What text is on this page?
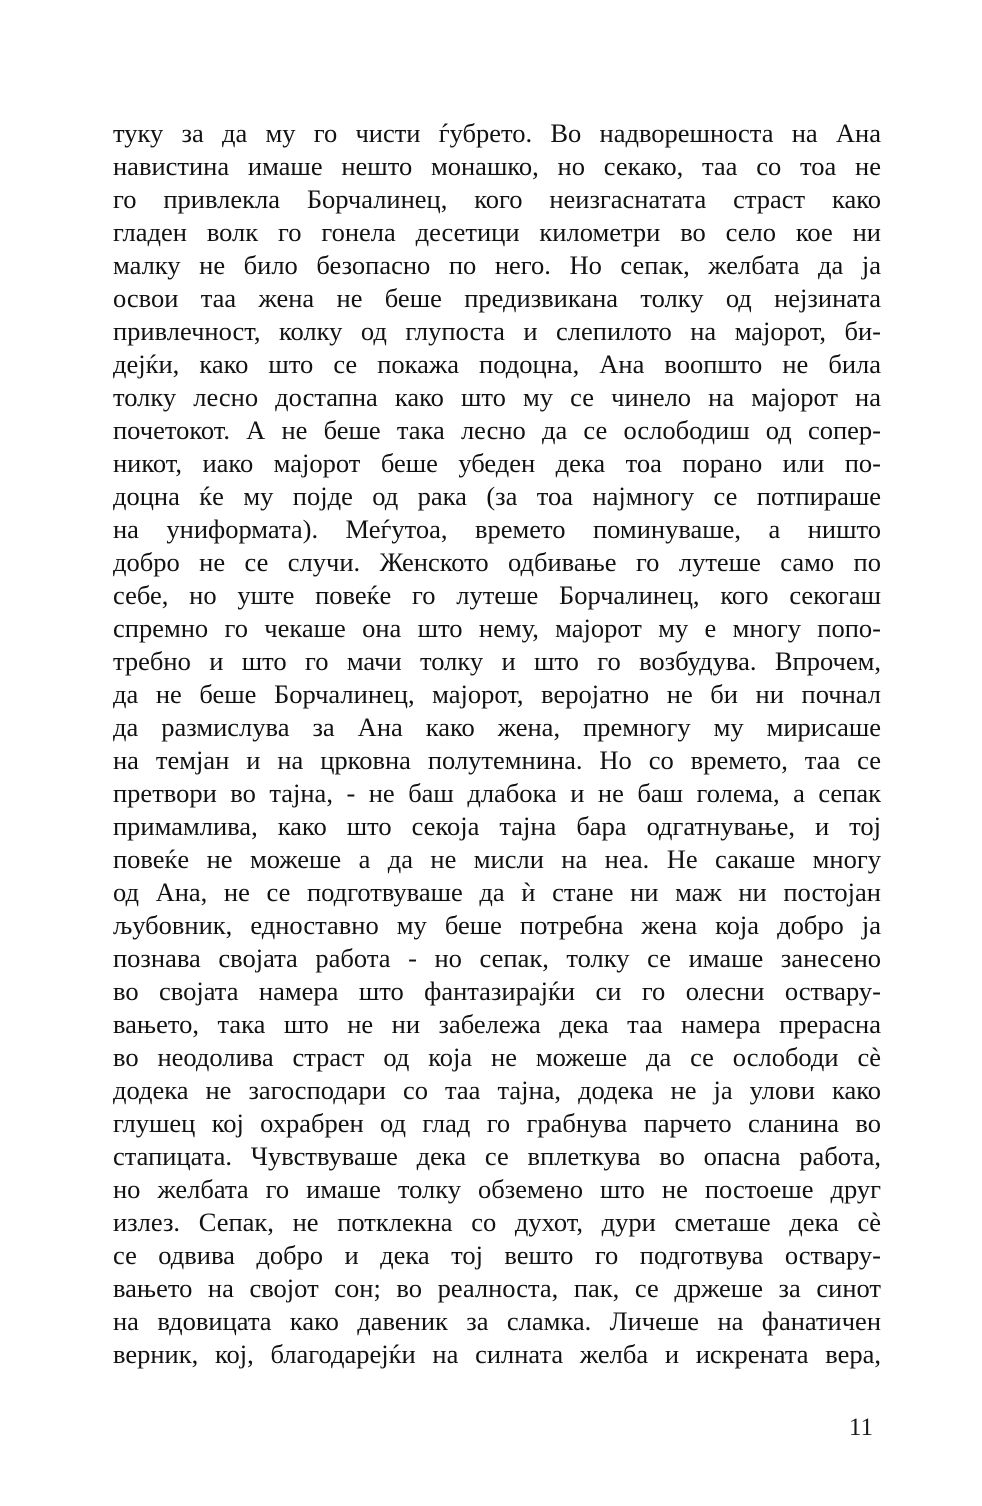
туку за да му го чисти ѓубрето. Во надворешноста на Ана
навистина имаше нешто монашко, но секако, таа со тоа не
го привлекла Борчалинец, кого неизгаснатата страст како
гладен волк го гонела десетици километри во село кое ни
малку не било безопасно по него. Но сепак, желбата да ја
освои таа жена не беше предизвикана толку од нејзината
привлечност, колку од глупоста и слепилото на мајорот, би-
дејќи, како што се покажа подоцна, Ана воопшто не била
толку лесно достапна како што му се чинело на мајорот на
почетокот. А не беше така лесно да се ослободиш од сопер-
никот, иако мајорот беше убеден дека тоа порано или по-
доцна ќе му појде од рака (за тоа најмногу се потпираше
на униформата). Меѓутоа, времето поминуваше, а ништо
добро не се случи. Женското одбивање го лутеше само по
себе, но уште повеќе го лутеше Борчалинец, кого секогаш
спремно го чекаше она што нему, мајорот му е многу попо-
требно и што го мачи толку и што го возбудува. Впрочем,
да не беше Борчалинец, мајорот, веројатно не би ни почнал
да размислува за Ана како жена, премногу му мирисаше
на темјан и на црковна полутемнина. Но со времето, таа се
претвори во тајна, - не баш длабока и не баш голема, а сепак
примамлива, како што секоја тајна бара одгатнување, и тој
повеќе не можеше а да не мисли на неа. Не сакаше многу
од Ана, не се подготвуваше да ѝ стане ни маж ни постојан
љубовник, едноставно му беше потребна жена која добро ја
познава својата работа - но сепак, толку се имаше занесено
во својата намера што фантазирајќи си го олесни оствару-
вањето, така што не ни забележа дека таа намера прерасна
во неодолива страст од која не можеше да се ослободи сè
додека не загосподари со таа тајна, додека не ја улови како
глушец кој охрабрен од глад го грабнува парчето сланина во
стапицата. Чувствуваше дека се вплеткува во опасна работа,
но желбата го имаше толку обземено што не постоеше друг
излез. Сепак, не потклекна со духот, дури сметаше дека сè
се одвива добро и дека тој вешто го подготвува оствару-
вањето на својот сон; во реалноста, пак, се држеше за синот
на вдовицата како давеник за сламка. Личеше на фанатичен
верник, кој, благодарејќи на силната желба и искрената вера,
11
